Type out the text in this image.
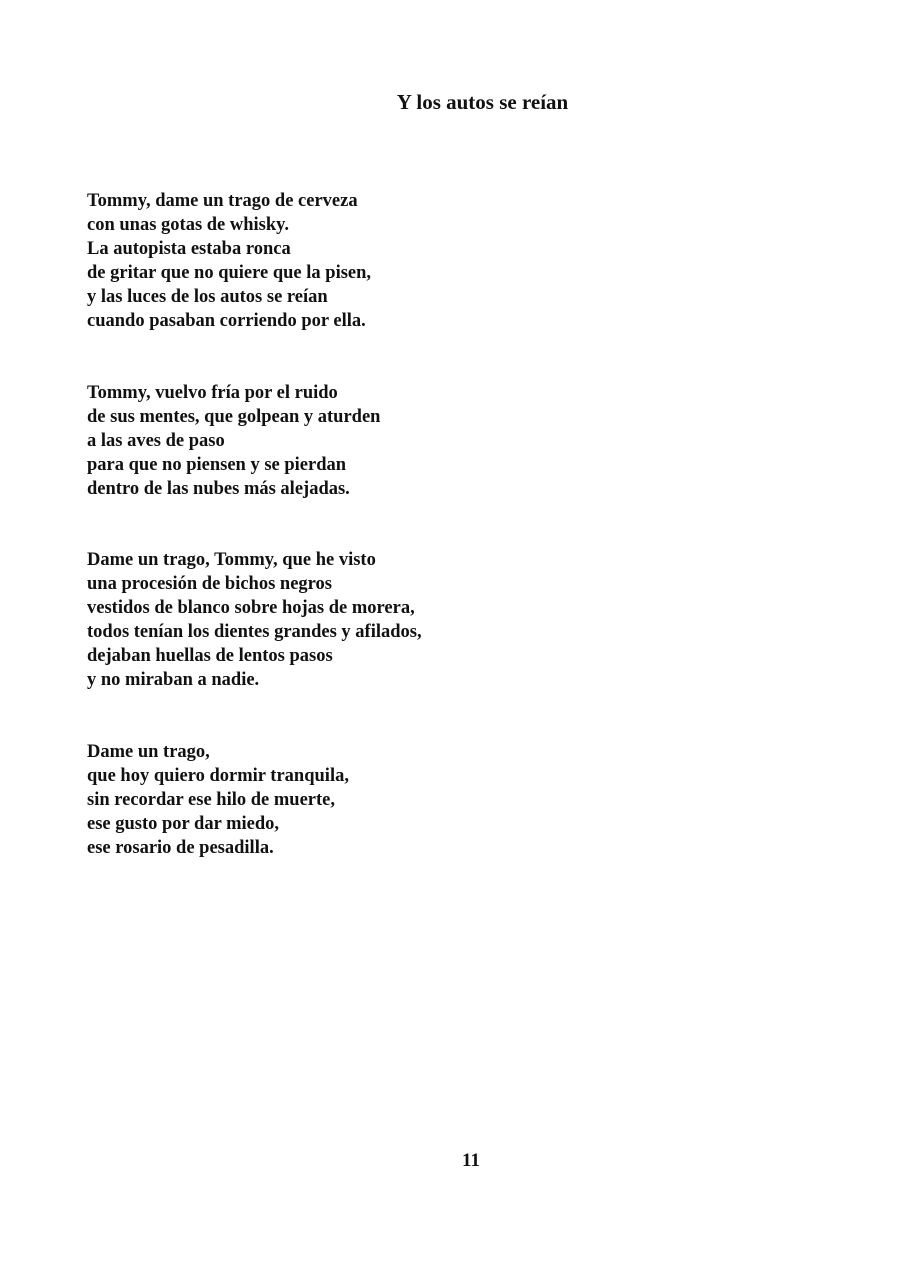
Y los autos se reían
Tommy, dame un trago de cerveza
con unas gotas de whisky.
La autopista estaba ronca
de gritar que no quiere que la pisen,
y las luces de los autos se reían
cuando pasaban corriendo por ella.
Tommy, vuelvo fría por el ruido
de sus mentes, que golpean y aturden
a las aves de paso
para que no piensen y se pierdan
dentro de las nubes más alejadas.
Dame un trago, Tommy, que he visto
una procesión de bichos negros
vestidos de blanco sobre hojas de morera,
todos tenían los dientes grandes y afilados,
dejaban huellas de lentos pasos
y no miraban a nadie.
Dame un trago,
que hoy quiero dormir tranquila,
sin recordar ese hilo de muerte,
ese gusto por dar miedo,
ese rosario de pesadilla.
11
